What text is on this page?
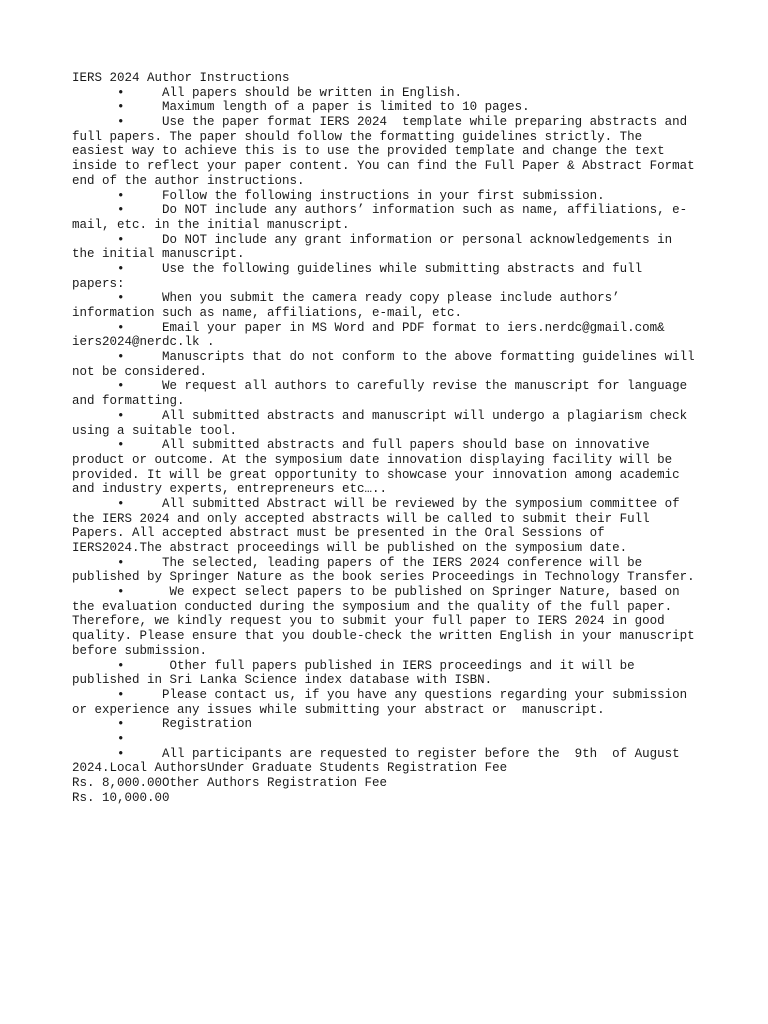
IERS 2024 Author Instructions
•     All papers should be written in English.
•     Maximum length of a paper is limited to 10 pages.
•     Use the paper format IERS 2024  template while preparing abstracts and
full papers. The paper should follow the formatting guidelines strictly. The
easiest way to achieve this is to use the provided template and change the text
inside to reflect your paper content. You can find the Full Paper & Abstract Format
end of the author instructions.
•     Follow the following instructions in your first submission.
•     Do NOT include any authors’ information such as name, affiliations, e-
mail, etc. in the initial manuscript.
•     Do NOT include any grant information or personal acknowledgements in
the initial manuscript.
•     Use the following guidelines while submitting abstracts and full
papers:
•     When you submit the camera ready copy please include authors’
information such as name, affiliations, e-mail, etc.
•     Email your paper in MS Word and PDF format to iers.nerdc@gmail.com&
iers2024@nerdc.lk .
•     Manuscripts that do not conform to the above formatting guidelines will
not be considered.
•     We request all authors to carefully revise the manuscript for language
and formatting.
•     All submitted abstracts and manuscript will undergo a plagiarism check
using a suitable tool.
•     All submitted abstracts and full papers should base on innovative
product or outcome. At the symposium date innovation displaying facility will be
provided. It will be great opportunity to showcase your innovation among academic
and industry experts, entrepreneurs etc…..
•     All submitted Abstract will be reviewed by the symposium committee of
the IERS 2024 and only accepted abstracts will be called to submit their Full
Papers. All accepted abstract must be presented in the Oral Sessions of
IERS2024.The abstract proceedings will be published on the symposium date.
•     The selected, leading papers of the IERS 2024 conference will be
published by Springer Nature as the book series Proceedings in Technology Transfer.
•      We expect select papers to be published on Springer Nature, based on
the evaluation conducted during the symposium and the quality of the full paper.
Therefore, we kindly request you to submit your full paper to IERS 2024 in good
quality. Please ensure that you double-check the written English in your manuscript
before submission.
•      Other full papers published in IERS proceedings and it will be
published in Sri Lanka Science index database with ISBN.
•     Please contact us, if you have any questions regarding your submission
or experience any issues while submitting your abstract or  manuscript.
•     Registration
•
•     All participants are requested to register before the  9th  of August
2024.Local AuthorsUnder Graduate Students Registration Fee
Rs. 8,000.00Other Authors Registration Fee
Rs. 10,000.00
